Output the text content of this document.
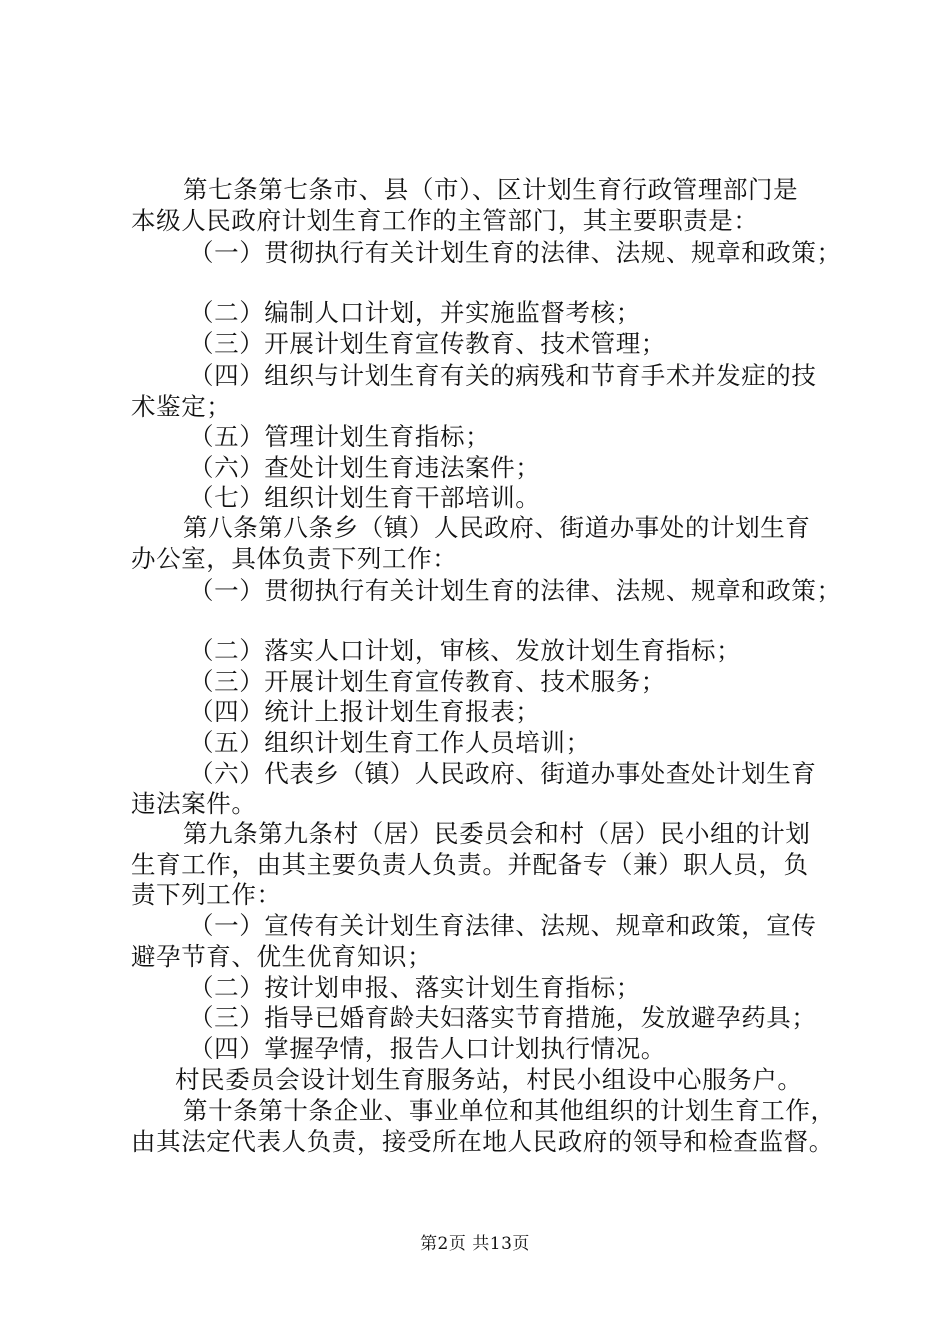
第七条第七条市、县（市）、区计划生育行政管理部门是
本级人民政府计划生育工作的主管部门，其主要职责是：
（一）贯彻执行有关计划生育的法律、法规、规章和政策；
（二）编制人口计划，并实施监督考核；
（三）开展计划生育宣传教育、技术管理；
（四）组织与计划生育有关的病残和节育手术并发症的技
术鉴定；
（五）管理计划生育指标；
（六）查处计划生育违法案件；
（七）组织计划生育干部培训。
第八条第八条乡（镇）人民政府、街道办事处的计划生育
办公室，具体负责下列工作：
（一）贯彻执行有关计划生育的法律、法规、规章和政策；
（二）落实人口计划，审核、发放计划生育指标；
（三）开展计划生育宣传教育、技术服务；
（四）统计上报计划生育报表；
（五）组织计划生育工作人员培训；
（六）代表乡（镇）人民政府、街道办事处查处计划生育
违法案件。
第九条第九条村（居）民委员会和村（居）民小组的计划
生育工作，由其主要负责人负责。并配备专（兼）职人员，负
责下列工作：
（一）宣传有关计划生育法律、法规、规章和政策，宣传
避孕节育、优生优育知识；
（二）按计划申报、落实计划生育指标；
（三）指导已婚育龄夫妇落实节育措施，发放避孕药具；
（四）掌握孕情，报告人口计划执行情况。
村民委员会设计划生育服务站，村民小组设中心服务户。
第十条第十条企业、事业单位和其他组织的计划生育工作，
由其法定代表人负责，接受所在地人民政府的领导和检查监督。
第2页 共13页
